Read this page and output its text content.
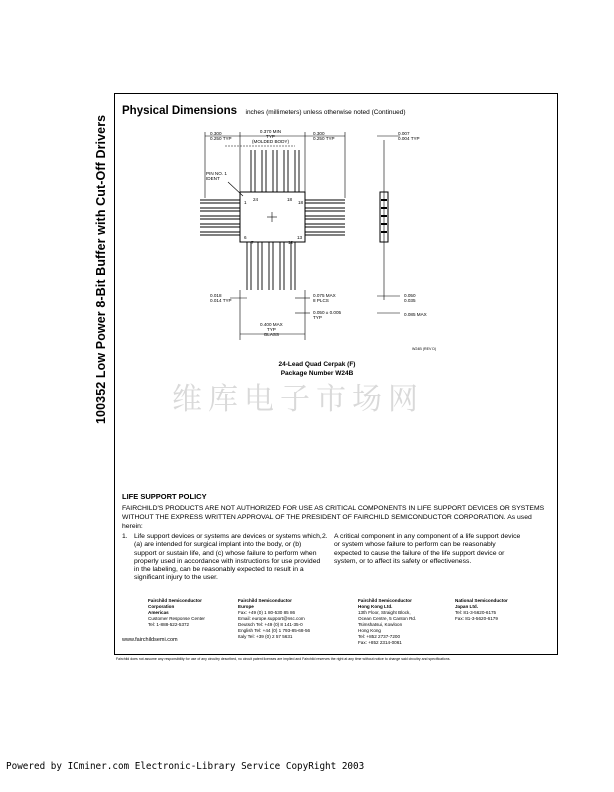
100352 Low Power 8-Bit Buffer with Cut-Off Drivers
Physical Dimensions inches (millimeters) unless otherwise noted (Continued)
0.300
0.250 TYP
0.370 MIN
TYP
(MOLDED BODY)
0.300
0.250 TYP
0.007
0.004 TYP
PIN NO. 1
IDENT
0.018
0.014 TYP
0.075 MAX
8 PLCS
0.050 ± 0.005
TYP
0.400 MAX
TYP
GLASS
0.050
0.035
0.085 MAX
W24B (REV D)
24	18
1
6
18
13
7	12
24-Lead Quad Cerpak (F)
Package Number W24B
维库电子市场网
LIFE SUPPORT POLICY
FAIRCHILD'S PRODUCTS ARE NOT AUTHORIZED FOR USE AS CRITICAL COMPONENTS IN LIFE SUPPORT DEVICES OR SYSTEMS WITHOUT THE EXPRESS WRITTEN APPROVAL OF THE PRESIDENT OF FAIRCHILD SEMICONDUCTOR CORPORATION. As used herein:
1. Life support devices or systems are devices or systems which, (a) are intended for surgical implant into the body, or (b) support or sustain life, and (c) whose failure to perform when properly used in accordance with instructions for use provided in the labeling, can be reasonably expected to result in a significant injury to the user.
2. A critical component in any component of a life support device or system whose failure to perform can be reasonably expected to cause the failure of the life support device or system, or to affect its safety or effectiveness.
Fairchild Semiconductor
Corporation
Americas
Customer Response Center
Tel: 1-888-522-5372
Fairchild Semiconductor
Europe
Fax: +49 (0) 1 80-530 85 86
Email: europe.support@nsc.com
Deutsch Tel: +49 (0) 8 141-35-0
English Tel: +44 (0) 1 793-85-68-56
Italy Tel: +39 (0) 2 57 5631
Fairchild Semiconductor
Hong Kong Ltd.
13th Floor, Straight Block,
Ocean Centre, 5 Canton Rd.
Tsimshatsui, Kowloon
Hong Kong
Tel: +852 2737-7200
Fax: +852 2314-0061
National Semiconductor
Japan Ltd.
Tel: 81-3-5620-6175
Fax: 81-3-5620-6179
www.fairchildsemi.com
Fairchild does not assume any responsibility for use of any circuitry described, no circuit patent licenses are implied and Fairchild reserves the right at any time without notice to change said circuitry and specifications.
Powered by ICminer.com Electronic-Library Service CopyRight 2003
